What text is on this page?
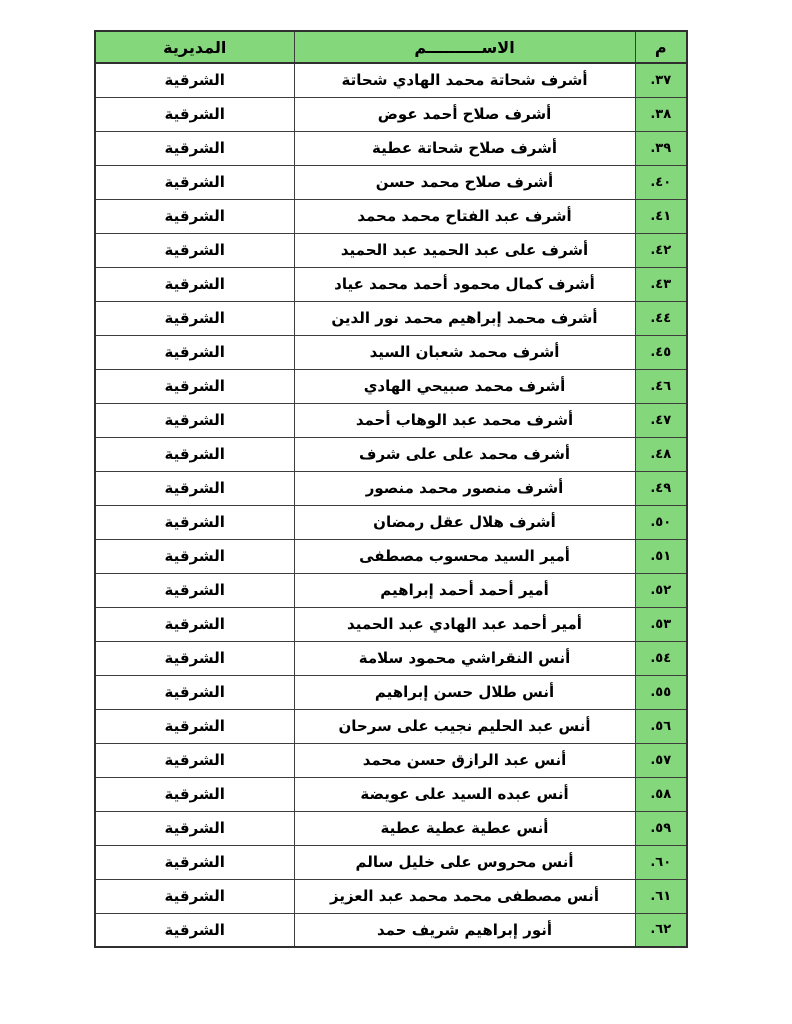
م	الاســــــــــم	المديرية
٣٧.	أشرف شحاتة محمد الهادي شحاتة	الشرقية
٣٨.	أشرف صلاح أحمد عوض	الشرقية
٣٩.	أشرف صلاح شحاتة عطية	الشرقية
٤٠.	أشرف صلاح محمد حسن	الشرقية
٤١.	أشرف عبد الفتاح محمد محمد	الشرقية
٤٢.	أشرف على عبد الحميد عبد الحميد	الشرقية
٤٣.	أشرف كمال محمود أحمد محمد عياد	الشرقية
٤٤.	أشرف محمد إبراهيم محمد نور الدين	الشرقية
٤٥.	أشرف محمد شعبان السيد	الشرقية
٤٦.	أشرف محمد صبيحي الهادي	الشرقية
٤٧.	أشرف محمد عبد الوهاب أحمد	الشرقية
٤٨.	أشرف محمد على على شرف	الشرقية
٤٩.	أشرف منصور محمد منصور	الشرقية
٥٠.	أشرف هلال عقل رمضان	الشرقية
٥١.	أمير السيد محسوب مصطفى	الشرقية
٥٢.	أمير أحمد أحمد إبراهيم	الشرقية
٥٣.	أمير أحمد عبد الهادي عبد الحميد	الشرقية
٥٤.	أنس النقراشي محمود سلامة	الشرقية
٥٥.	أنس طلال حسن إبراهيم	الشرقية
٥٦.	أنس عبد الحليم نجيب على سرحان	الشرقية
٥٧.	أنس عبد الرازق حسن محمد	الشرقية
٥٨.	أنس عبده السيد على عويضة	الشرقية
٥٩.	أنس عطية عطية عطية	الشرقية
٦٠.	أنس محروس على خليل سالم	الشرقية
٦١.	أنس مصطفى محمد محمد عبد العزيز	الشرقية
٦٢.	أنور إبراهيم شريف حمد	الشرقية
